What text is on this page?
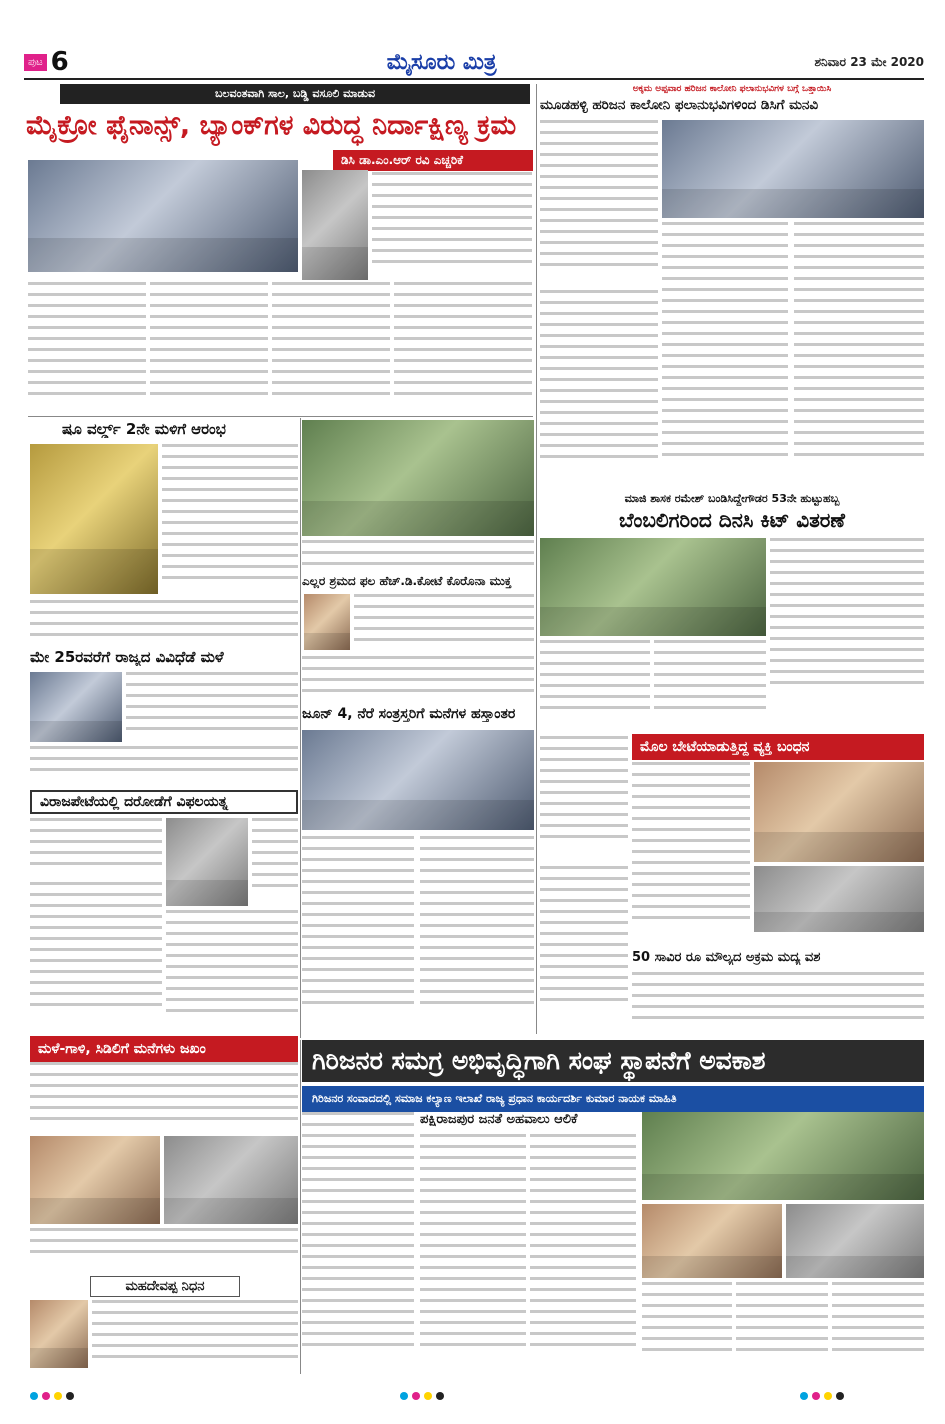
ಪುಟ 6	ಮೈಸೂರು ಮಿತ್ರ	ಶನಿವಾರ 23 ಮೇ 2020
ಬಲವಂತವಾಗಿ ಸಾಲ, ಬಡ್ಡಿ ವಸೂಲಿ ಮಾಡುವ
ಮೈಕ್ರೋ ಫೈನಾನ್ಸ್, ಬ್ಯಾಂಕ್‌ಗಳ ವಿರುದ್ಧ ನಿರ್ದಾಕ್ಷಿಣ್ಯ ಕ್ರಮ
ಡಿಸಿ ಡಾ.ಎಂ.ಆರ್ ರವಿ ಎಚ್ಚರಿಕೆ
ಷೂ ವರ್ಲ್ಡ್ 2ನೇ ಮಳಿಗೆ ಆರಂಭ
ಮೇ 25ರವರೆಗೆ ರಾಜ್ಯದ ವಿವಿಧೆಡೆ ಮಳೆ
ಎಲ್ಲರ ಶ್ರಮದ ಫಲ ಹೆಚ್.ಡಿ.ಕೋಟೆ ಕೊರೊನಾ ಮುಕ್ತ
ವಿರಾಜಪೇಟೆಯಲ್ಲಿ ದರೋಡೆಗೆ ವಿಫಲಯತ್ನ
ಜೂನ್ 4, ನೆರೆ ಸಂತ್ರಸ್ತರಿಗೆ ಮನೆಗಳ ಹಸ್ತಾಂತರ
ಮಳೆ-ಗಾಳಿ, ಸಿಡಿಲಿಗೆ ಮನೆಗಳು ಜಖಂ
ಮಹದೇವಪ್ಪ ನಿಧನ
ಅಕ್ಕಮ ಅಪ್ಪವಾರ ಹರಿಜನ ಕಾಲೋನಿ ಫಲಾನುಭವಿಗಳ ಬಗ್ಗೆ ಒತ್ತಾಯಿಸಿ
ಮೂಡಹಳ್ಳಿ ಹರಿಜನ ಕಾಲೋನಿ ಫಲಾನುಭವಿಗಳಿಂದ ಡಿಸಿಗೆ ಮನವಿ
ಮಾಜಿ ಶಾಸಕ ರಮೇಶ್ ಬಂಡಿಸಿದ್ದೇಗೌಡರ 53ನೇ ಹುಟ್ಟುಹಬ್ಬ
ಬೆಂಬಲಿಗರಿಂದ ದಿನಸಿ ಕಿಟ್ ವಿತರಣೆ
ಮೊಲ ಬೇಟೆಯಾಡುತ್ತಿದ್ದ ವ್ಯಕ್ತಿ ಬಂಧನ
50 ಸಾವಿರ ರೂ ಮೌಲ್ಯದ ಅಕ್ರಮ ಮದ್ಯ ವಶ
ಗಿರಿಜನರ ಸಮಗ್ರ ಅಭಿವೃದ್ಧಿಗಾಗಿ ಸಂಘ ಸ್ಥಾಪನೆಗೆ ಅವಕಾಶ
ಗಿರಿಜನರ ಸಂವಾದದಲ್ಲಿ ಸಮಾಜ ಕಲ್ಯಾಣ ಇಲಾಖೆ ರಾಜ್ಯ ಪ್ರಧಾನ ಕಾರ್ಯದರ್ಶಿ ಕುಮಾರ ನಾಯಕ ಮಾಹಿತಿ
ಪಕ್ಷಿರಾಜಪುರ ಜನತೆ ಅಹವಾಲು ಆಲಿಕೆ
